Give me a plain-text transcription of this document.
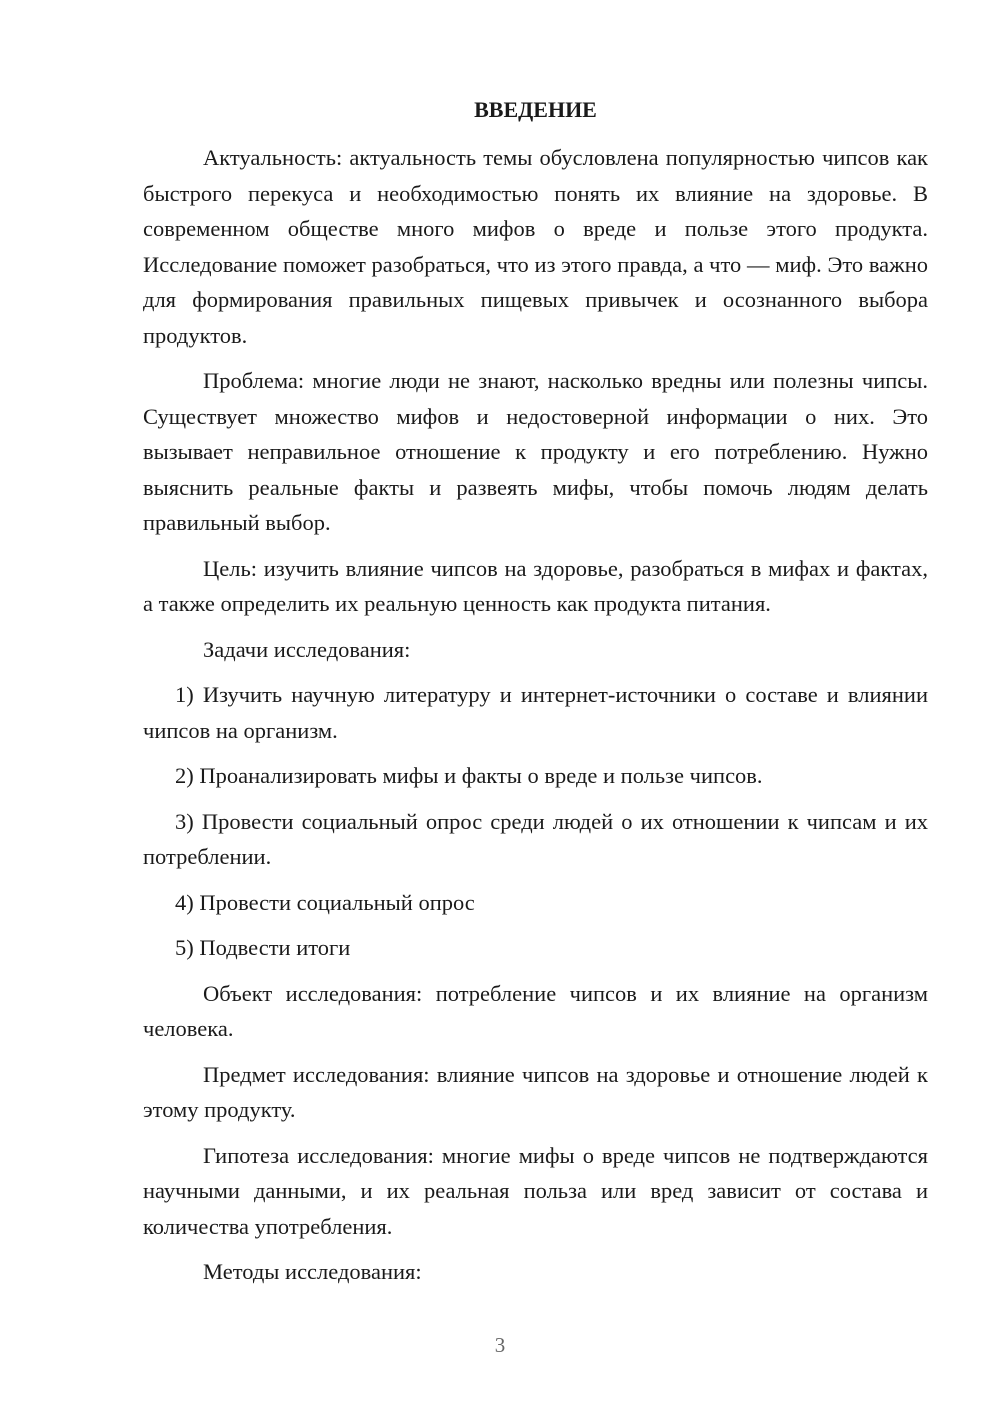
ВВЕДЕНИЕ

Актуальность: актуальность темы обусловлена популярностью чипсов как быстрого перекуса и необходимостью понять их влияние на здоровье. В современном обществе много мифов о вреде и пользе этого продукта. Исследование поможет разобраться, что из этого правда, а что — миф. Это важно для формирования правильных пищевых привычек и осознанного выбора продуктов.

Проблема: многие люди не знают, насколько вредны или полезны чипсы. Существует множество мифов и недостоверной информации о них. Это вызывает неправильное отношение к продукту и его потреблению. Нужно выяснить реальные факты и развеять мифы, чтобы помочь людям делать правильный выбор.

Цель: изучить влияние чипсов на здоровье, разобраться в мифах и фактах, а также определить их реальную ценность как продукта питания.

Задачи исследования:

1) Изучить научную литературу и интернет-источники о составе и влиянии чипсов на организм.

2) Проанализировать мифы и факты о вреде и пользе чипсов.

3) Провести социальный опрос среди людей о их отношении к чипсам и их потреблении.

4) Провести социальный опрос

5) Подвести итоги

Объект исследования: потребление чипсов и их влияние на организм человека.

Предмет исследования: влияние чипсов на здоровье и отношение людей к этому продукту.

Гипотеза исследования: многие мифы о вреде чипсов не подтверждаются научными данными, и их реальная польза или вред зависит от состава и количества употребления.

Методы исследования:

3
